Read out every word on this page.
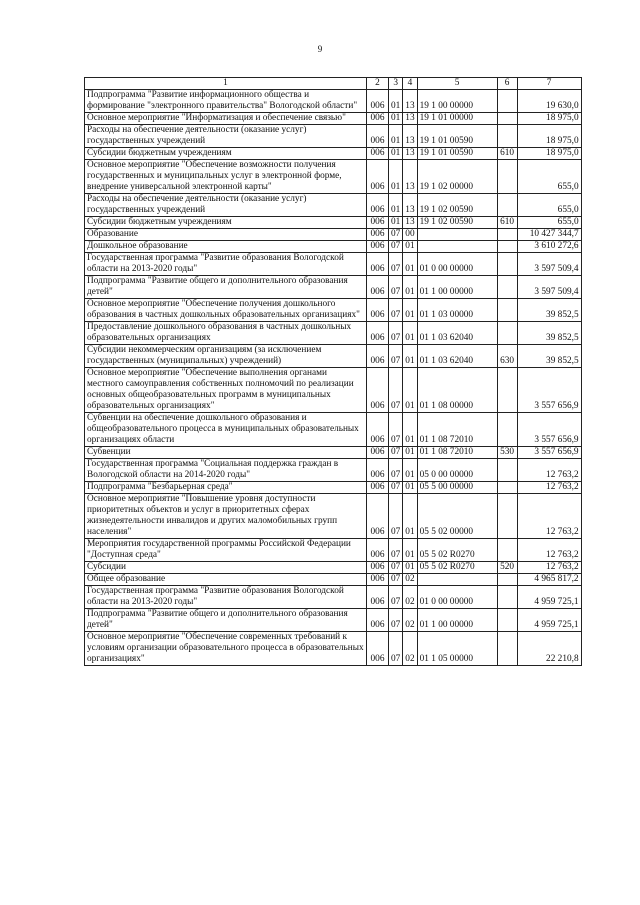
9
1	2	3	4	5	6	7
Подпрограмма "Развитие информационного общества и формирование "электронного правительства" Вологодской области"	006	01	13	19 1 00 00000		19 630,0
Основное мероприятие "Информатизация и обеспечение связью"	006	01	13	19 1 01 00000		18 975,0
Расходы на обеспечение деятельности (оказание услуг) государственных учреждений	006	01	13	19 1 01 00590		18 975,0
Субсидии бюджетным учреждениям	006	01	13	19 1 01 00590	610	18 975,0
Основное мероприятие "Обеспечение возможности получения государственных и муниципальных услуг в электронной форме, внедрение универсальной электронной карты"	006	01	13	19 1 02 00000		655,0
Расходы на обеспечение деятельности (оказание услуг) государственных учреждений	006	01	13	19 1 02 00590		655,0
Субсидии бюджетным учреждениям	006	01	13	19 1 02 00590	610	655,0
Образование	006	07	00			10 427 344,7
Дошкольное образование	006	07	01			3 610 272,6
Государственная программа "Развитие образования Вологодской области на 2013-2020 годы"	006	07	01	01 0 00 00000		3 597 509,4
Подпрограмма "Развитие общего и дополнительного образования детей"	006	07	01	01 1 00 00000		3 597 509,4
Основное мероприятие "Обеспечение получения дошкольного образования в частных дошкольных образовательных организациях"	006	07	01	01 1 03 00000		39 852,5
Предоставление дошкольного образования в частных дошкольных образовательных организациях	006	07	01	01 1 03 62040		39 852,5
Субсидии некоммерческим организациям (за исключением государственных (муниципальных) учреждений)	006	07	01	01 1 03 62040	630	39 852,5
Основное мероприятие "Обеспечение выполнения органами местного самоуправления собственных полномочий по реализации основных общеобразовательных программ в муниципальных образовательных организациях"	006	07	01	01 1 08 00000		3 557 656,9
Субвенции на обеспечение дошкольного образования и общеобразовательного процесса в муниципальных образовательных организациях области	006	07	01	01 1 08 72010		3 557 656,9
Субвенции	006	07	01	01 1 08 72010	530	3 557 656,9
Государственная программа "Социальная поддержка граждан в Вологодской области на 2014-2020 годы"	006	07	01	05 0 00 00000		12 763,2
Подпрограмма "Безбарьерная среда"	006	07	01	05 5 00 00000		12 763,2
Основное мероприятие "Повышение уровня доступности приоритетных объектов и услуг в приоритетных сферах жизнедеятельности инвалидов и других маломобильных групп населения"	006	07	01	05 5 02 00000		12 763,2
Мероприятия государственной программы Российской Федерации "Доступная среда"	006	07	01	05 5 02 R0270		12 763,2
Субсидии	006	07	01	05 5 02 R0270	520	12 763,2
Общее образование	006	07	02			4 965 817,2
Государственная программа "Развитие образования Вологодской области на 2013-2020 годы"	006	07	02	01 0 00 00000		4 959 725,1
Подпрограмма "Развитие общего и дополнительного образования детей"	006	07	02	01 1 00 00000		4 959 725,1
Основное мероприятие "Обеспечение современных требований к условиям организации образовательного процесса в образовательных организациях"	006	07	02	01 1 05 00000		22 210,8
